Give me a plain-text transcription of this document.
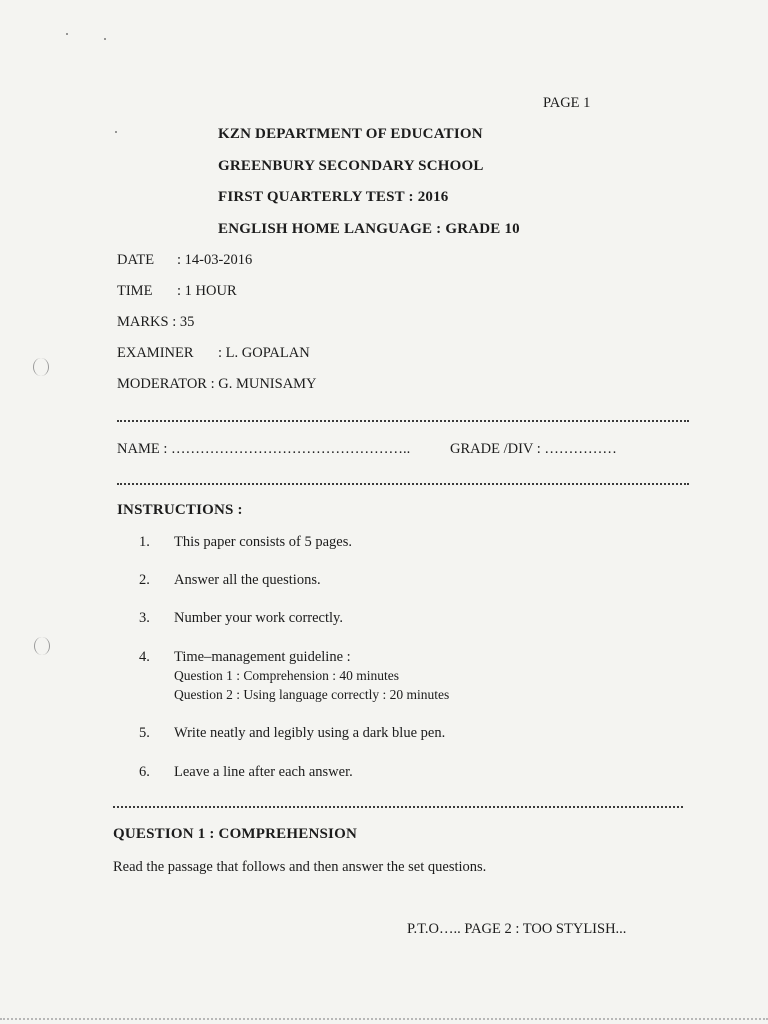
PAGE 1
KZN DEPARTMENT OF EDUCATION
GREENBURY SECONDARY SCHOOL
FIRST QUARTERLY TEST : 2016
ENGLISH HOME LANGUAGE : GRADE 10
DATE : 14-03-2016
TIME : 1 HOUR
MARKS : 35
EXAMINER : L. GOPALAN
MODERATOR : G. MUNISAMY
NAME : …………………………………………..	GRADE /DIV : ……………
INSTRUCTIONS :
1. This paper consists of 5 pages.
2. Answer all the questions.
3. Number your work correctly.
4. Time–management guideline :
Question 1 : Comprehension : 40 minutes
Question 2 : Using language correctly : 20 minutes
5. Write neatly and legibly using a dark blue pen.
6. Leave a line after each answer.
QUESTION 1 : COMPREHENSION
Read the passage that follows and then answer the set questions.
P.T.O….. PAGE 2 : TOO STYLISH...
